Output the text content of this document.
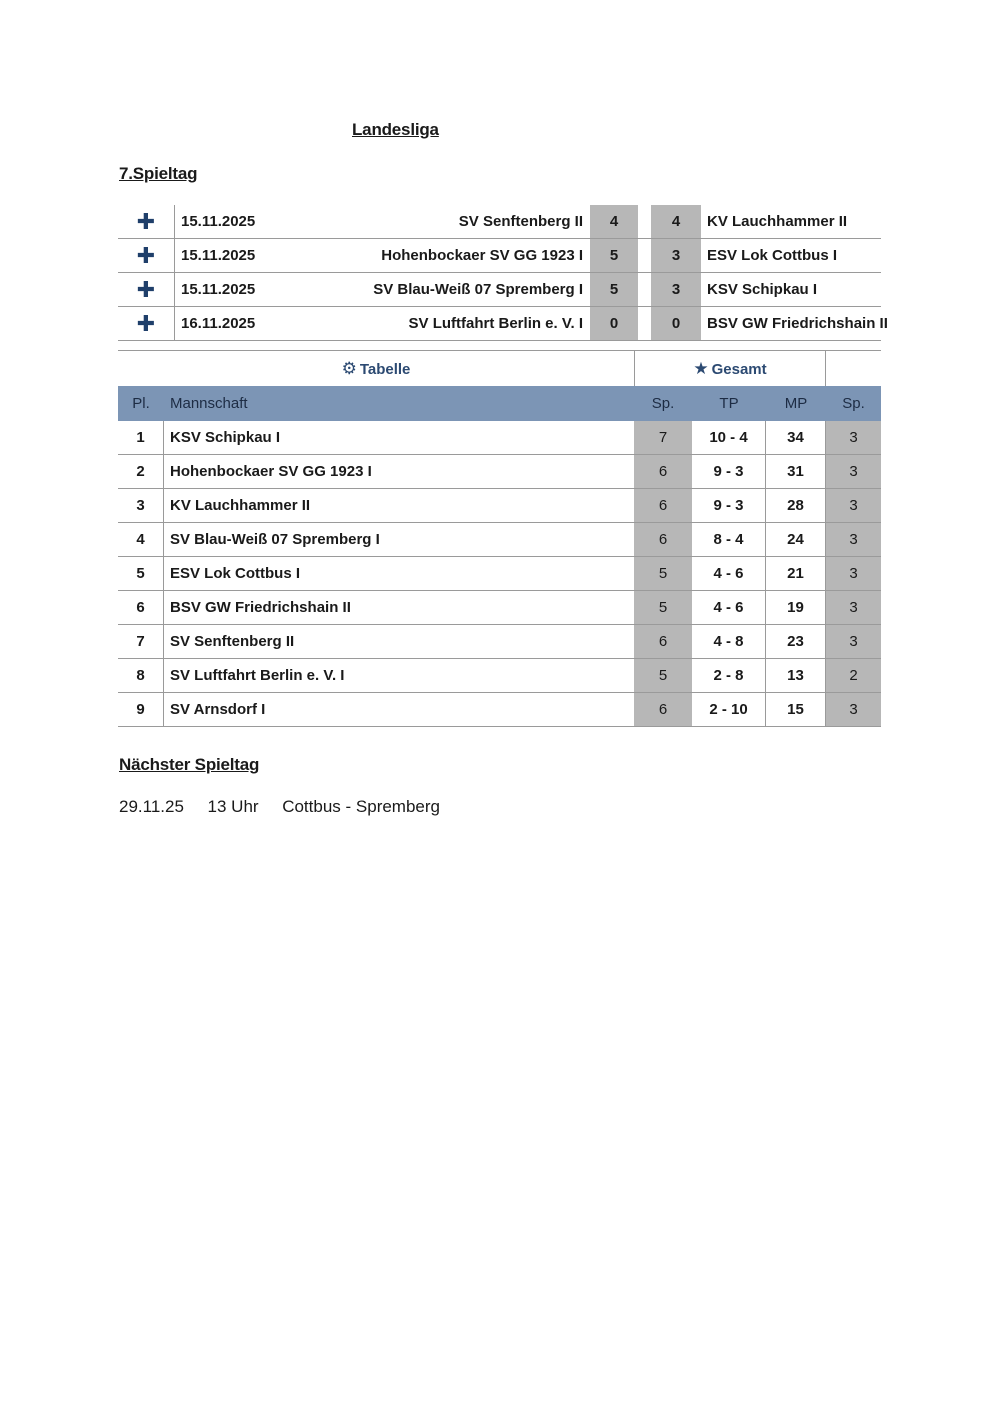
Landesliga
7.Spieltag
✚	15.11.2025	SV Senftenberg II	4	4	KV Lauchhammer II
✚	15.11.2025	Hohenbockaer SV GG 1923 I	5	3	ESV Lok Cottbus I
✚	15.11.2025	SV Blau-Weiß 07 Spremberg I	5	3	KSV Schipkau I
✚	16.11.2025	SV Luftfahrt Berlin e. V. I	0	0	BSV GW Friedrichshain II
⚙ Tabelle	★ Gesamt
Pl.	Mannschaft	Sp.	TP	MP	Sp.
1	KSV Schipkau I	7	10 - 4	34	3
2	Hohenbockaer SV GG 1923 I	6	9 - 3	31	3
3	KV Lauchhammer II	6	9 - 3	28	3
4	SV Blau-Weiß 07 Spremberg I	6	8 - 4	24	3
5	ESV Lok Cottbus I	5	4 - 6	21	3
6	BSV GW Friedrichshain II	5	4 - 6	19	3
7	SV Senftenberg II	6	4 - 8	23	3
8	SV Luftfahrt Berlin e. V. I	5	2 - 8	13	2
9	SV Arnsdorf I	6	2 - 10	15	3
Nächster Spieltag
29.11.25 13 Uhr Cottbus - Spremberg
